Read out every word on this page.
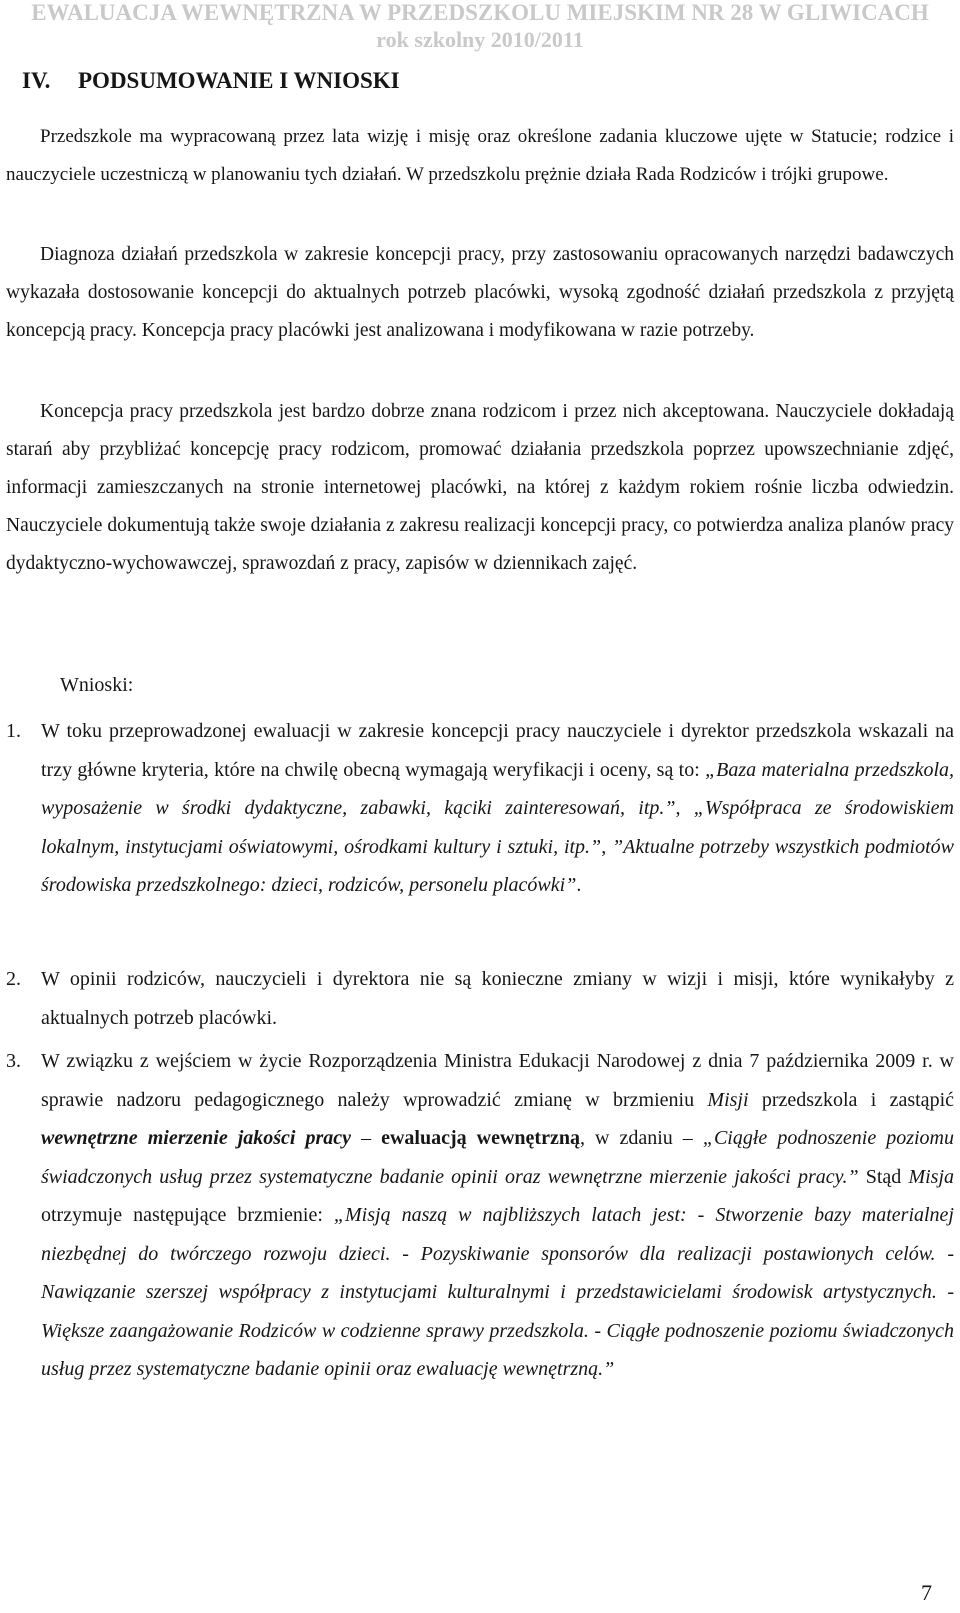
EWALUACJA WEWNĘTRZNA W PRZEDSZKOLU MIEJSKIM NR 28 W GLIWICACH
rok szkolny 2010/2011
IV. PODSUMOWANIE I WNIOSKI

Przedszkole ma wypracowaną przez lata wizję i misję oraz określone zadania kluczowe ujęte w Statucie; rodzice i nauczyciele uczestniczą w planowaniu tych działań. W przedszkolu prężnie działa Rada Rodziców i trójki grupowe.

Diagnoza działań przedszkola w zakresie koncepcji pracy, przy zastosowaniu opracowanych narzędzi badawczych wykazała dostosowanie koncepcji do aktualnych potrzeb placówki, wysoką zgodność działań przedszkola z przyjętą koncepcją pracy. Koncepcja pracy placówki jest analizowana i modyfikowana w razie potrzeby.

Koncepcja pracy przedszkola jest bardzo dobrze znana rodzicom i przez nich akceptowana. Nauczyciele dokładają starań aby przybliżać koncepcję pracy rodzicom, promować działania przedszkola poprzez upowszechnianie zdjęć, informacji zamieszczanych na stronie internetowej placówki, na której z każdym rokiem rośnie liczba odwiedzin. Nauczyciele dokumentują także swoje działania z zakresu realizacji koncepcji pracy, co potwierdza analiza planów pracy dydaktyczno-wychowawczej, sprawozdań z pracy, zapisów w dziennikach zajęć.

Wnioski:
1. W toku przeprowadzonej ewaluacji w zakresie koncepcji pracy nauczyciele i dyrektor przedszkola wskazali na trzy główne kryteria, które na chwilę obecną wymagają weryfikacji i oceny, są to: „Baza materialna przedszkola, wyposażenie w środki dydaktyczne, zabawki, kąciki zainteresowań, itp.”, „Współpraca ze środowiskiem lokalnym, instytucjami oświatowymi, ośrodkami kultury i sztuki, itp.”, ”Aktualne potrzeby wszystkich podmiotów środowiska przedszkolnego: dzieci, rodziców, personelu placówki”.

2. W opinii rodziców, nauczycieli i dyrektora nie są konieczne zmiany w wizji i misji, które wynikałyby z aktualnych potrzeb placówki.

3. W związku z wejściem w życie Rozporządzenia Ministra Edukacji Narodowej z dnia 7 października 2009 r. w sprawie nadzoru pedagogicznego należy wprowadzić zmianę w brzmieniu Misji przedszkola i zastąpić wewnętrzne mierzenie jakości pracy – ewaluacją wewnętrzną, w zdaniu – „Ciągłe podnoszenie poziomu świadczonych usług przez systematyczne badanie opinii oraz wewnętrzne mierzenie jakości pracy.” Stąd Misja otrzymuje następujące brzmienie: „Misją naszą w najbliższych latach jest: - Stworzenie bazy materialnej niezbędnej do twórczego rozwoju dzieci. - Pozyskiwanie sponsorów dla realizacji postawionych celów. - Nawiązanie szerszej współpracy z instytucjami kulturalnymi i przedstawicielami środowisk artystycznych. - Większe zaangażowanie Rodziców w codzienne sprawy przedszkola. - Ciągłe podnoszenie poziomu świadczonych usług przez systematyczne badanie opinii oraz ewaluację wewnętrzną.”

7
